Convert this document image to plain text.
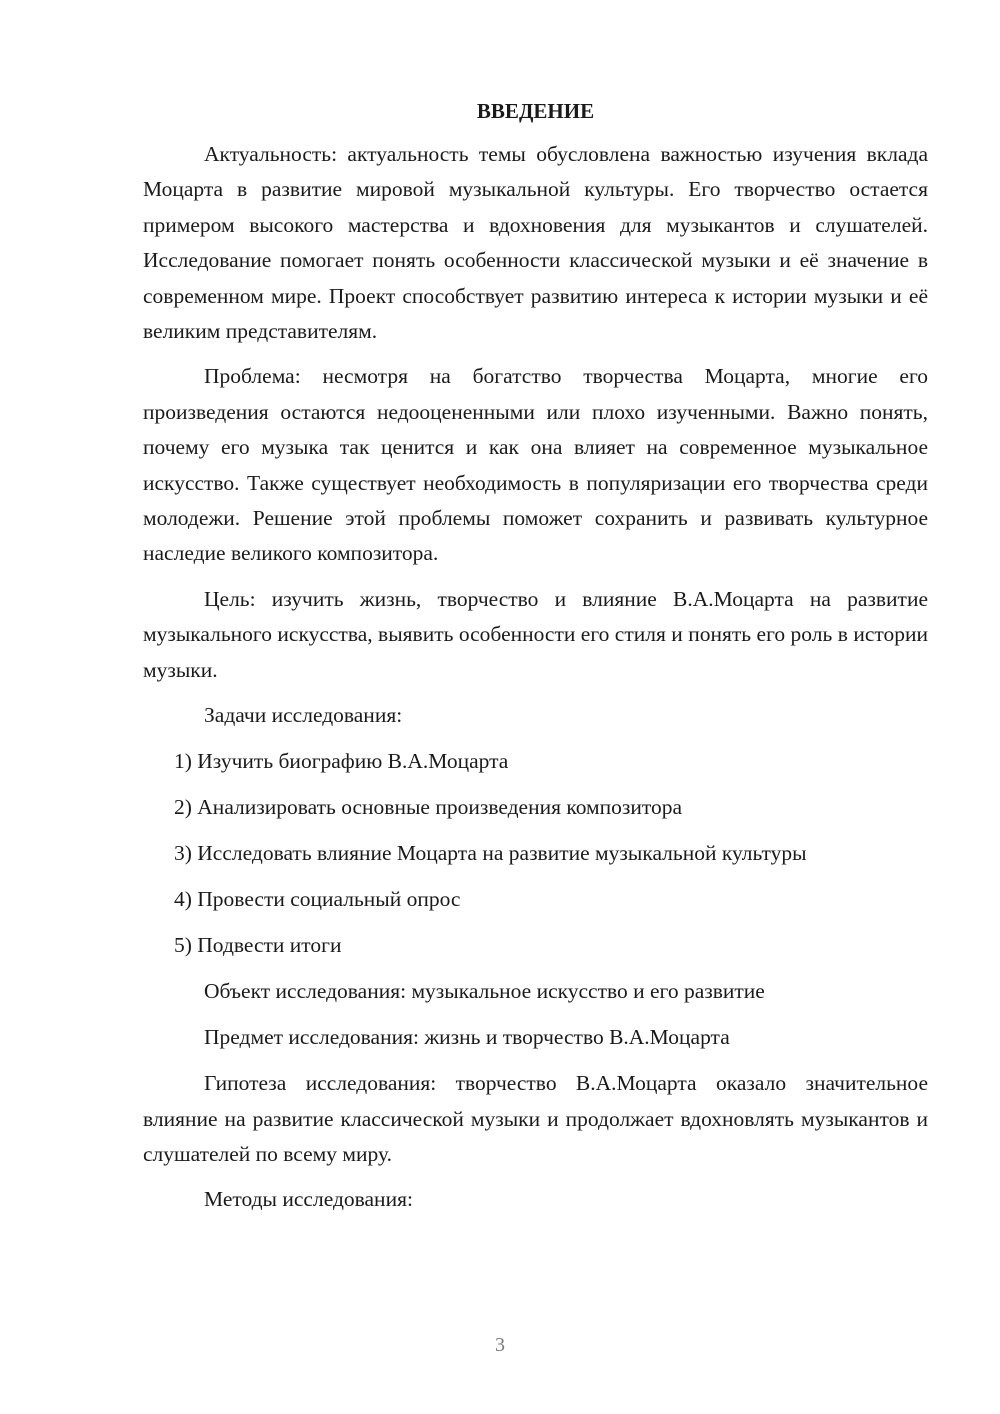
ВВЕДЕНИЕ

Актуальность: актуальность темы обусловлена важностью изучения вклада Моцарта в развитие мировой музыкальной культуры. Его творчество остается примером высокого мастерства и вдохновения для музыкантов и слушателей. Исследование помогает понять особенности классической музыки и её значение в современном мире. Проект способствует развитию интереса к истории музыки и её великим представителям.

Проблема: несмотря на богатство творчества Моцарта, многие его произведения остаются недооцененными или плохо изученными. Важно понять, почему его музыка так ценится и как она влияет на современное музыкальное искусство. Также существует необходимость в популяризации его творчества среди молодежи. Решение этой проблемы поможет сохранить и развивать культурное наследие великого композитора.

Цель: изучить жизнь, творчество и влияние В.А.Моцарта на развитие музыкального искусства, выявить особенности его стиля и понять его роль в истории музыки.

Задачи исследования:

1) Изучить биографию В.А.Моцарта
2) Анализировать основные произведения композитора
3) Исследовать влияние Моцарта на развитие музыкальной культуры
4) Провести социальный опрос
5) Подвести итоги

Объект исследования: музыкальное искусство и его развитие

Предмет исследования: жизнь и творчество В.А.Моцарта

Гипотеза исследования: творчество В.А.Моцарта оказало значительное влияние на развитие классической музыки и продолжает вдохновлять музыкантов и слушателей по всему миру.

Методы исследования:

3
